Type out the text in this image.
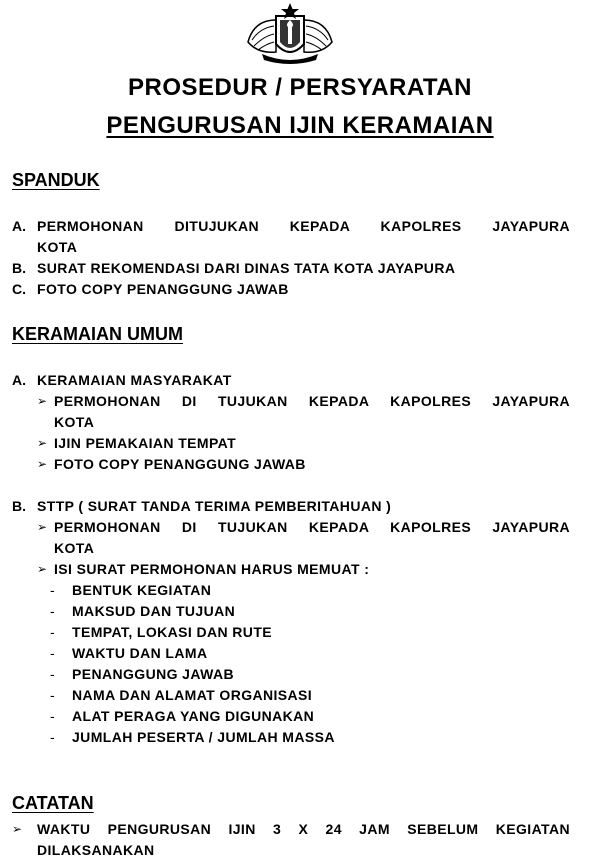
PROSEDUR / PERSYARATAN
PENGURUSAN IJIN KERAMAIAN
SPANDUK
A. PERMOHONAN DITUJUKAN KEPADA KAPOLRES JAYAPURA
KOTA
B. SURAT REKOMENDASI DARI DINAS TATA KOTA JAYAPURA
C. FOTO COPY PENANGGUNG JAWAB
KERAMAIAN UMUM
A. KERAMAIAN MASYARAKAT
➢ PERMOHONAN DI TUJUKAN KEPADA KAPOLRES JAYAPURA
KOTA
➢ IJIN PEMAKAIAN TEMPAT
➢ FOTO COPY PENANGGUNG JAWAB
B. STTP ( SURAT TANDA TERIMA PEMBERITAHUAN )
➢ PERMOHONAN DI TUJUKAN KEPADA KAPOLRES JAYAPURA
KOTA
➢ ISI SURAT PERMOHONAN HARUS MEMUAT :
- BENTUK KEGIATAN
- MAKSUD DAN TUJUAN
- TEMPAT, LOKASI DAN RUTE
- WAKTU DAN LAMA
- PENANGGUNG JAWAB
- NAMA DAN ALAMAT ORGANISASI
- ALAT PERAGA YANG DIGUNAKAN
- JUMLAH PESERTA / JUMLAH MASSA
CATATAN
➢ WAKTU PENGURUSAN IJIN 3 X 24 JAM SEBELUM KEGIATAN
DILAKSANAKAN
